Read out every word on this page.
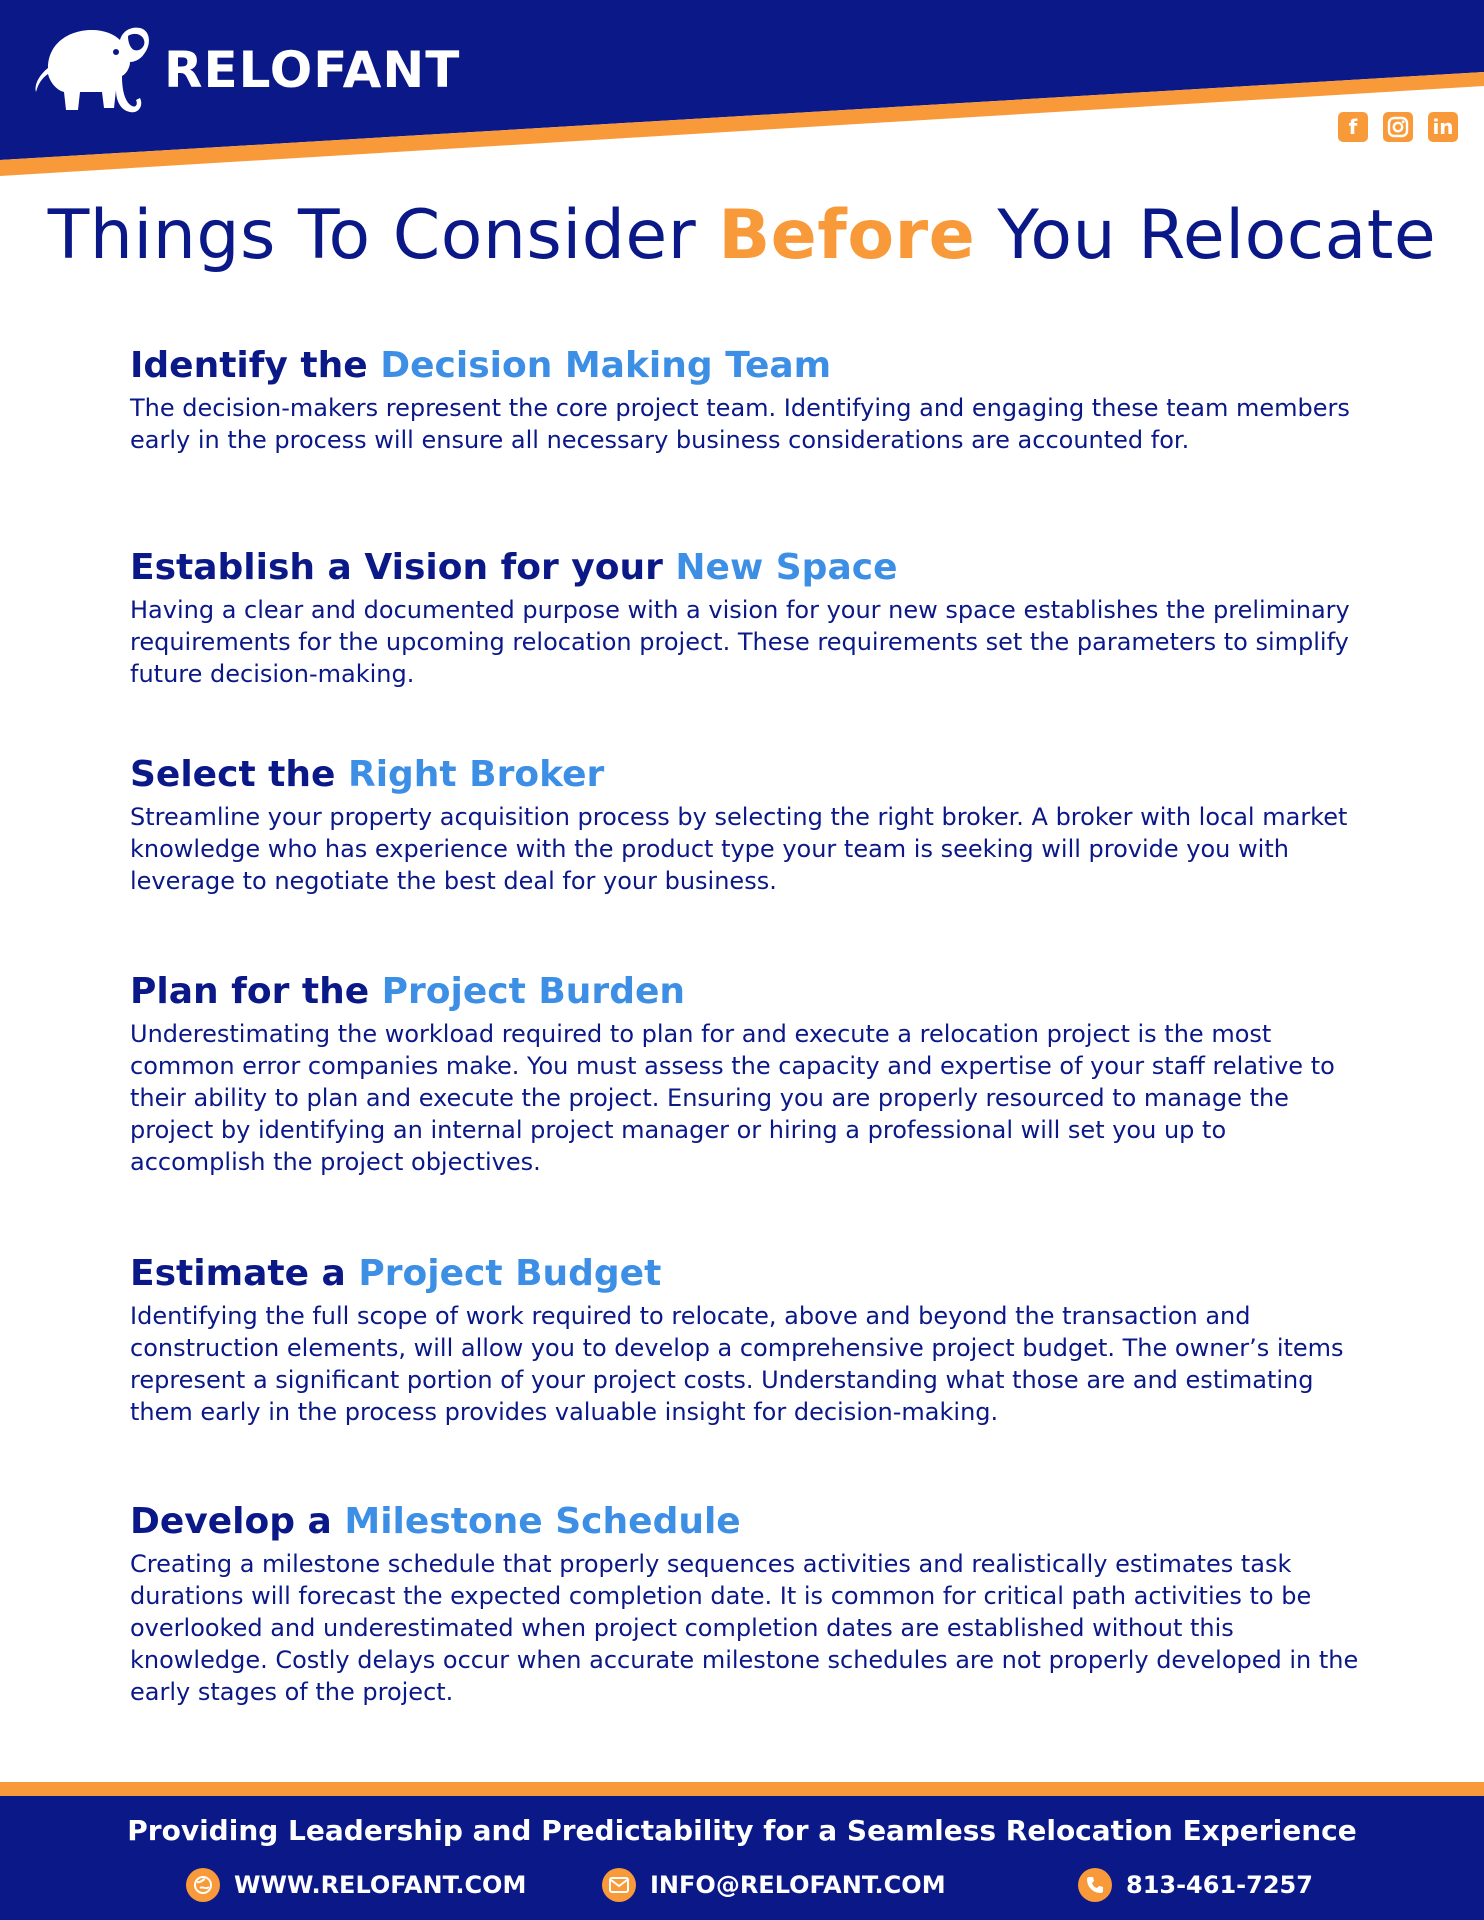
RELOFANT
f	in
Things To Consider Before You Relocate
Identify the Decision Making Team

The decision-makers represent the core project team. Identifying and engaging these team members early in the process will ensure all necessary business considerations are accounted for.

Establish a Vision for your New Space

Having a clear and documented purpose with a vision for your new space establishes the preliminary requirements for the upcoming relocation project. These requirements set the parameters to simplify future decision-making.

Select the Right Broker

Streamline your property acquisition process by selecting the right broker. A broker with local market knowledge who has experience with the product type your team is seeking will provide you with leverage to negotiate the best deal for your business.

Plan for the Project Burden

Underestimating the workload required to plan for and execute a relocation project is the most common error companies make. You must assess the capacity and expertise of your staff relative to their ability to plan and execute the project. Ensuring you are properly resourced to manage the project by identifying an internal project manager or hiring a professional will set you up to accomplish the project objectives.

Estimate a Project Budget

Identifying the full scope of work required to relocate, above and beyond the transaction and construction elements, will allow you to develop a comprehensive project budget. The owner’s items represent a significant portion of your project costs. Understanding what those are and estimating them early in the process provides valuable insight for decision-making.

Develop a Milestone Schedule

Creating a milestone schedule that properly sequences activities and realistically estimates task durations will forecast the expected completion date. It is common for critical path activities to be overlooked and underestimated when project completion dates are established without this knowledge. Costly delays occur when accurate milestone schedules are not properly developed in the early stages of the project.

Providing Leadership and Predictability for a Seamless Relocation Experience
WWW.RELOFANT.COM	INFO@RELOFANT.COM	813-461-7257
